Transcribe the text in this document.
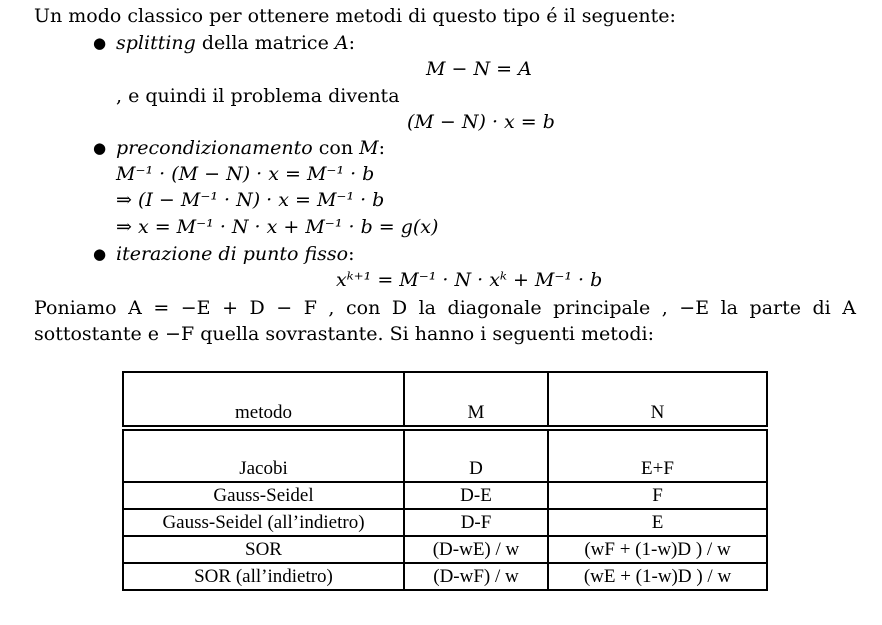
Un modo classico per ottenere metodi di questo tipo é il seguente:
● splitting della matrice A:
M − N = A
, e quindi il problema diventa
(M − N) · x = b
● precondizionamento con M:
M⁻¹ · (M − N) · x = M⁻¹ · b
⇒ (I − M⁻¹ · N) · x = M⁻¹ · b
⇒ x = M⁻¹ · N · x + M⁻¹ · b = g(x)
● iterazione di punto fisso:
xᵏ⁺¹ = M⁻¹ · N · xᵏ + M⁻¹ · b
Poniamo A = −E + D − F , con D la diagonale principale , −E la parte di A sottostante e −F quella sovrastante. Si hanno i seguenti metodi:
metodo	M	N
Jacobi	D	E+F
Gauss-Seidel	D-E	F
Gauss-Seidel (all’indietro)	D-F	E
SOR	(D-wE) / w	(wF + (1-w)D ) / w
SOR (all’indietro)	(D-wF) / w	(wE + (1-w)D ) / w
